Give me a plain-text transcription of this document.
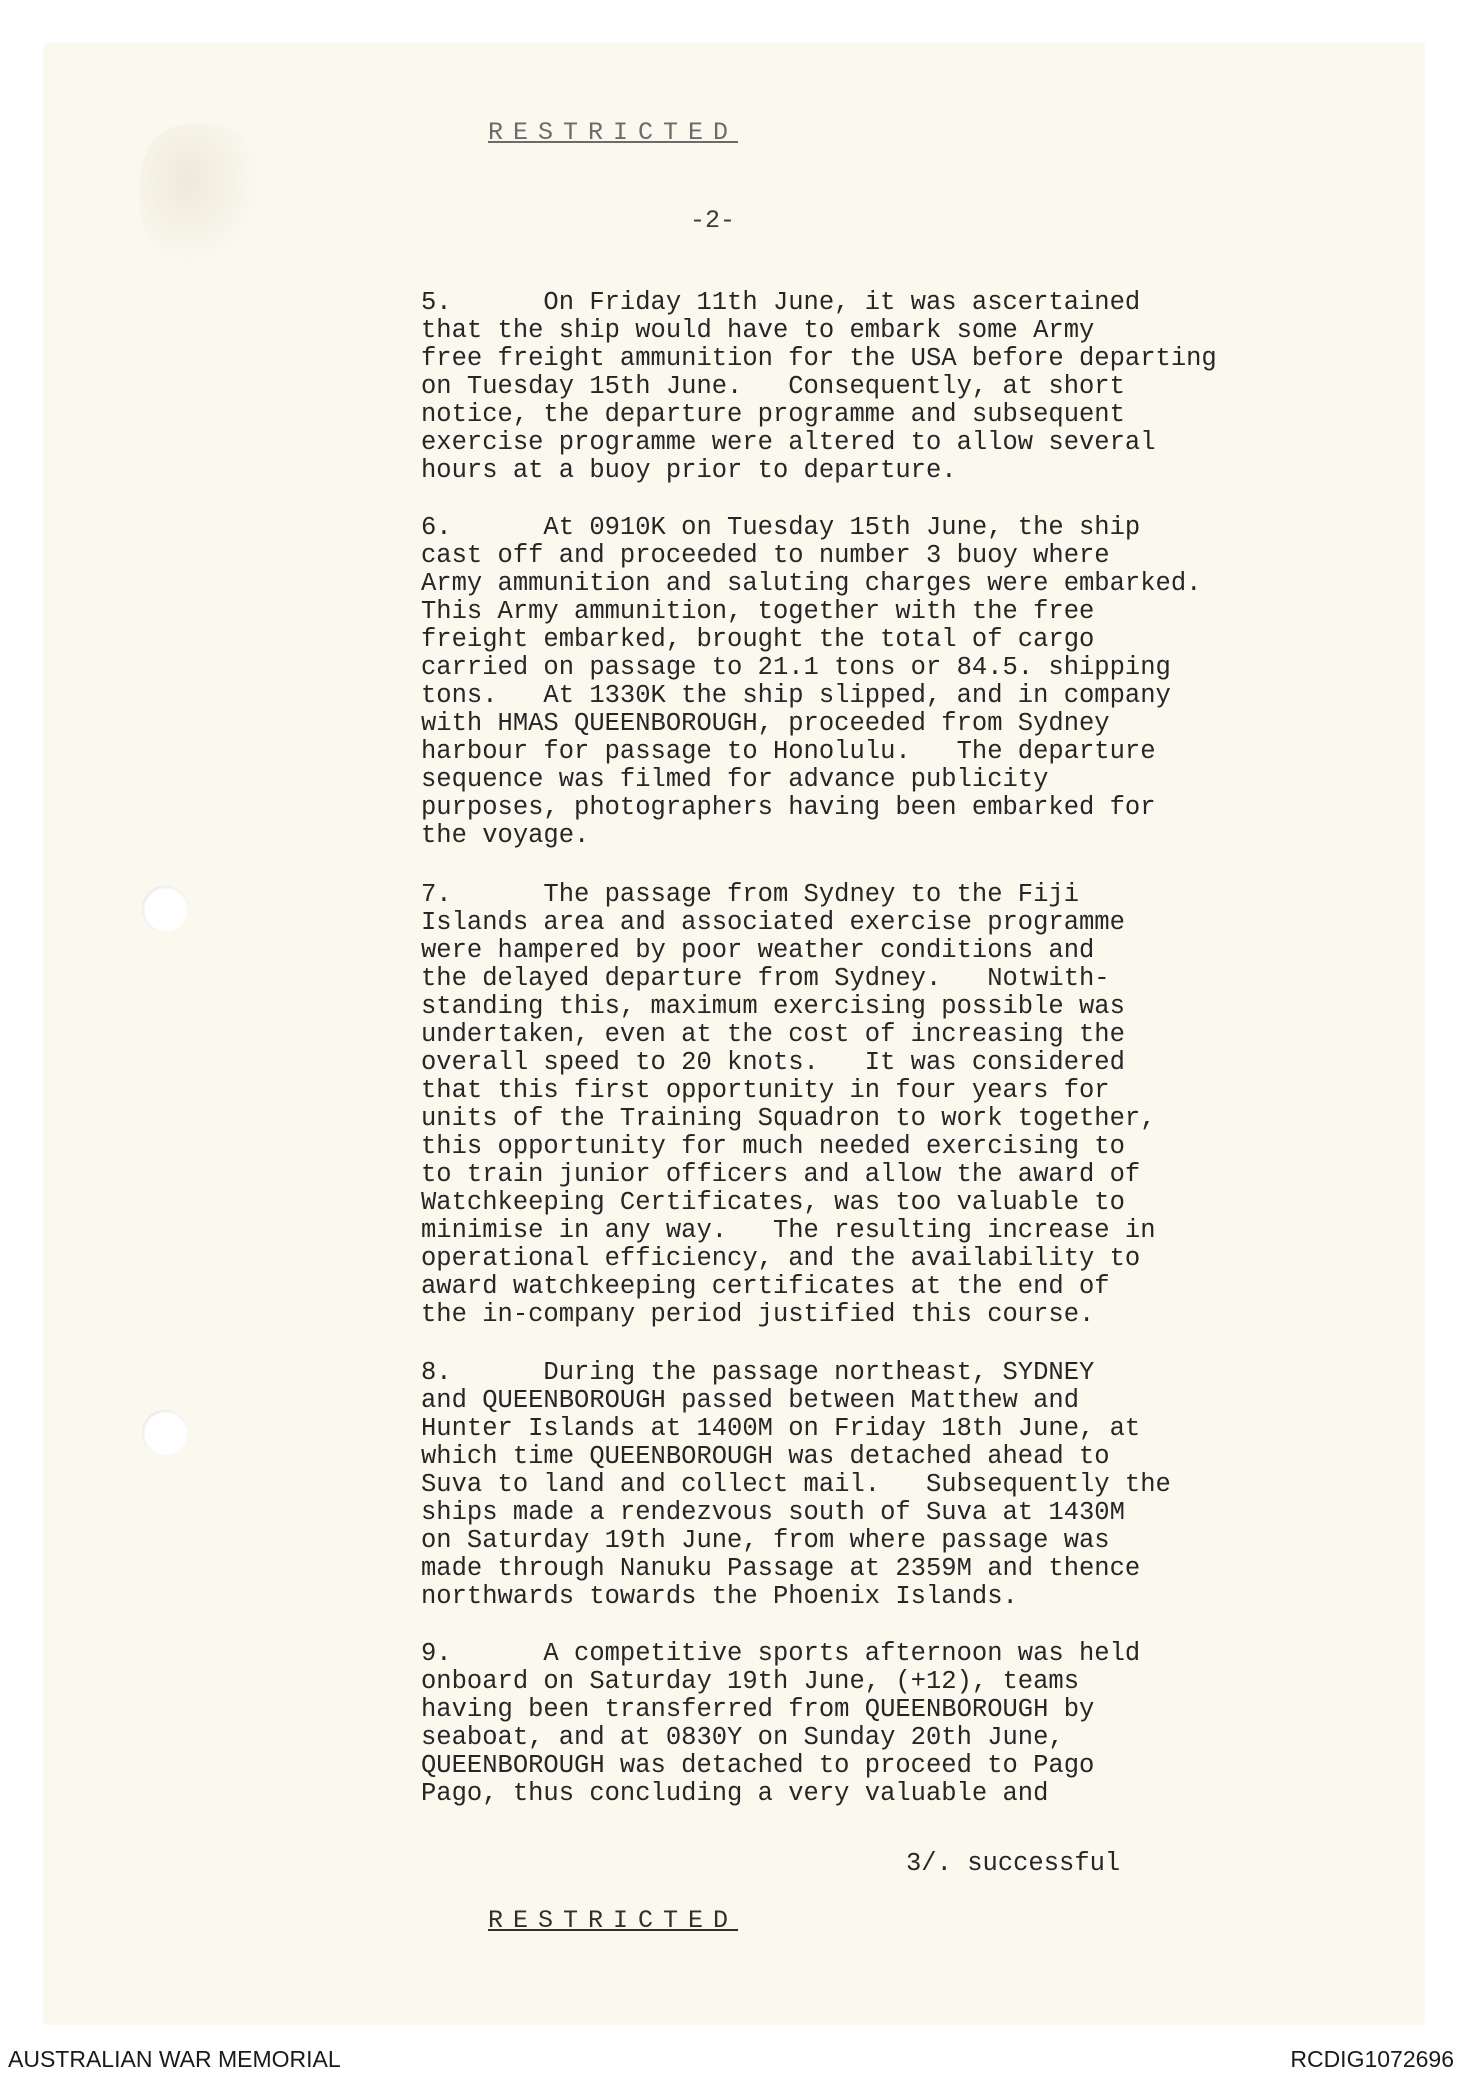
RESTRICTED
-2-
5.      On Friday 11th June, it was ascertained
that the ship would have to embark some Army
free freight ammunition for the USA before departing
on Tuesday 15th June.   Consequently, at short
notice, the departure programme and subsequent
exercise programme were altered to allow several
hours at a buoy prior to departure.
6.      At 0910K on Tuesday 15th June, the ship
cast off and proceeded to number 3 buoy where
Army ammunition and saluting charges were embarked.
This Army ammunition, together with the free
freight embarked, brought the total of cargo
carried on passage to 21.1 tons or 84.5. shipping
tons.   At 1330K the ship slipped, and in company
with HMAS QUEENBOROUGH, proceeded from Sydney
harbour for passage to Honolulu.   The departure
sequence was filmed for advance publicity
purposes, photographers having been embarked for
the voyage.
7.      The passage from Sydney to the Fiji
Islands area and associated exercise programme
were hampered by poor weather conditions and
the delayed departure from Sydney.   Notwith-
standing this, maximum exercising possible was
undertaken, even at the cost of increasing the
overall speed to 20 knots.   It was considered
that this first opportunity in four years for
units of the Training Squadron to work together,
this opportunity for much needed exercising to
to train junior officers and allow the award of
Watchkeeping Certificates, was too valuable to
minimise in any way.   The resulting increase in
operational efficiency, and the availability to
award watchkeeping certificates at the end of
the in-company period justified this course.
8.      During the passage northeast, SYDNEY
and QUEENBOROUGH passed between Matthew and
Hunter Islands at 1400M on Friday 18th June, at
which time QUEENBOROUGH was detached ahead to
Suva to land and collect mail.   Subsequently the
ships made a rendezvous south of Suva at 1430M
on Saturday 19th June, from where passage was
made through Nanuku Passage at 2359M and thence
northwards towards the Phoenix Islands.
9.      A competitive sports afternoon was held
onboard on Saturday 19th June, (+12), teams
having been transferred from QUEENBOROUGH by
seaboat, and at 0830Y on Sunday 20th June,
QUEENBOROUGH was detached to proceed to Pago
Pago, thus concluding a very valuable and
3/. successful
RESTRICTED
AUSTRALIAN WAR MEMORIAL	RCDIG1072696
